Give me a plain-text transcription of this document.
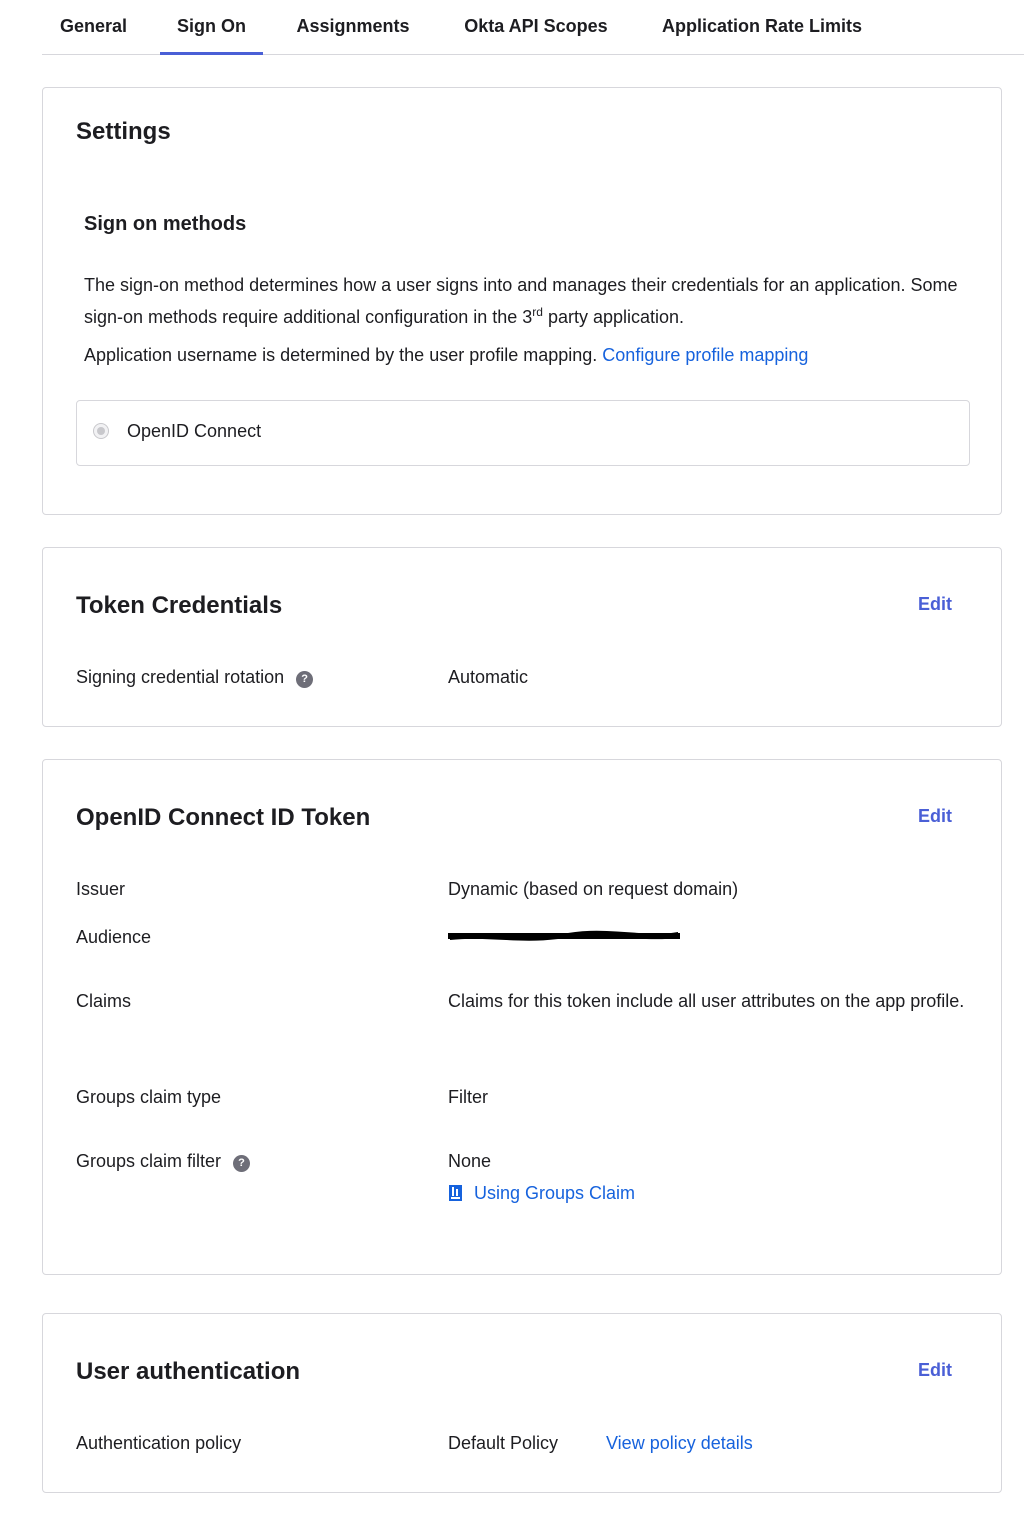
General	Sign On	Assignments	Okta API Scopes	Application Rate Limits
Settings
Sign on methods
The sign-on method determines how a user signs into and manages their credentials for an application. Some sign-on methods require additional configuration in the 3rd party application.
Application username is determined by the user profile mapping. Configure profile mapping
OpenID Connect
Token Credentials	Edit
Signing credential rotation ?	Automatic
OpenID Connect ID Token	Edit
Issuer	Dynamic (based on request domain)
Audience
Claims	Claims for this token include all user attributes on the app profile.
Groups claim type	Filter
Groups claim filter ?	None
Using Groups Claim
User authentication	Edit
Authentication policy	Default Policy	View policy details
